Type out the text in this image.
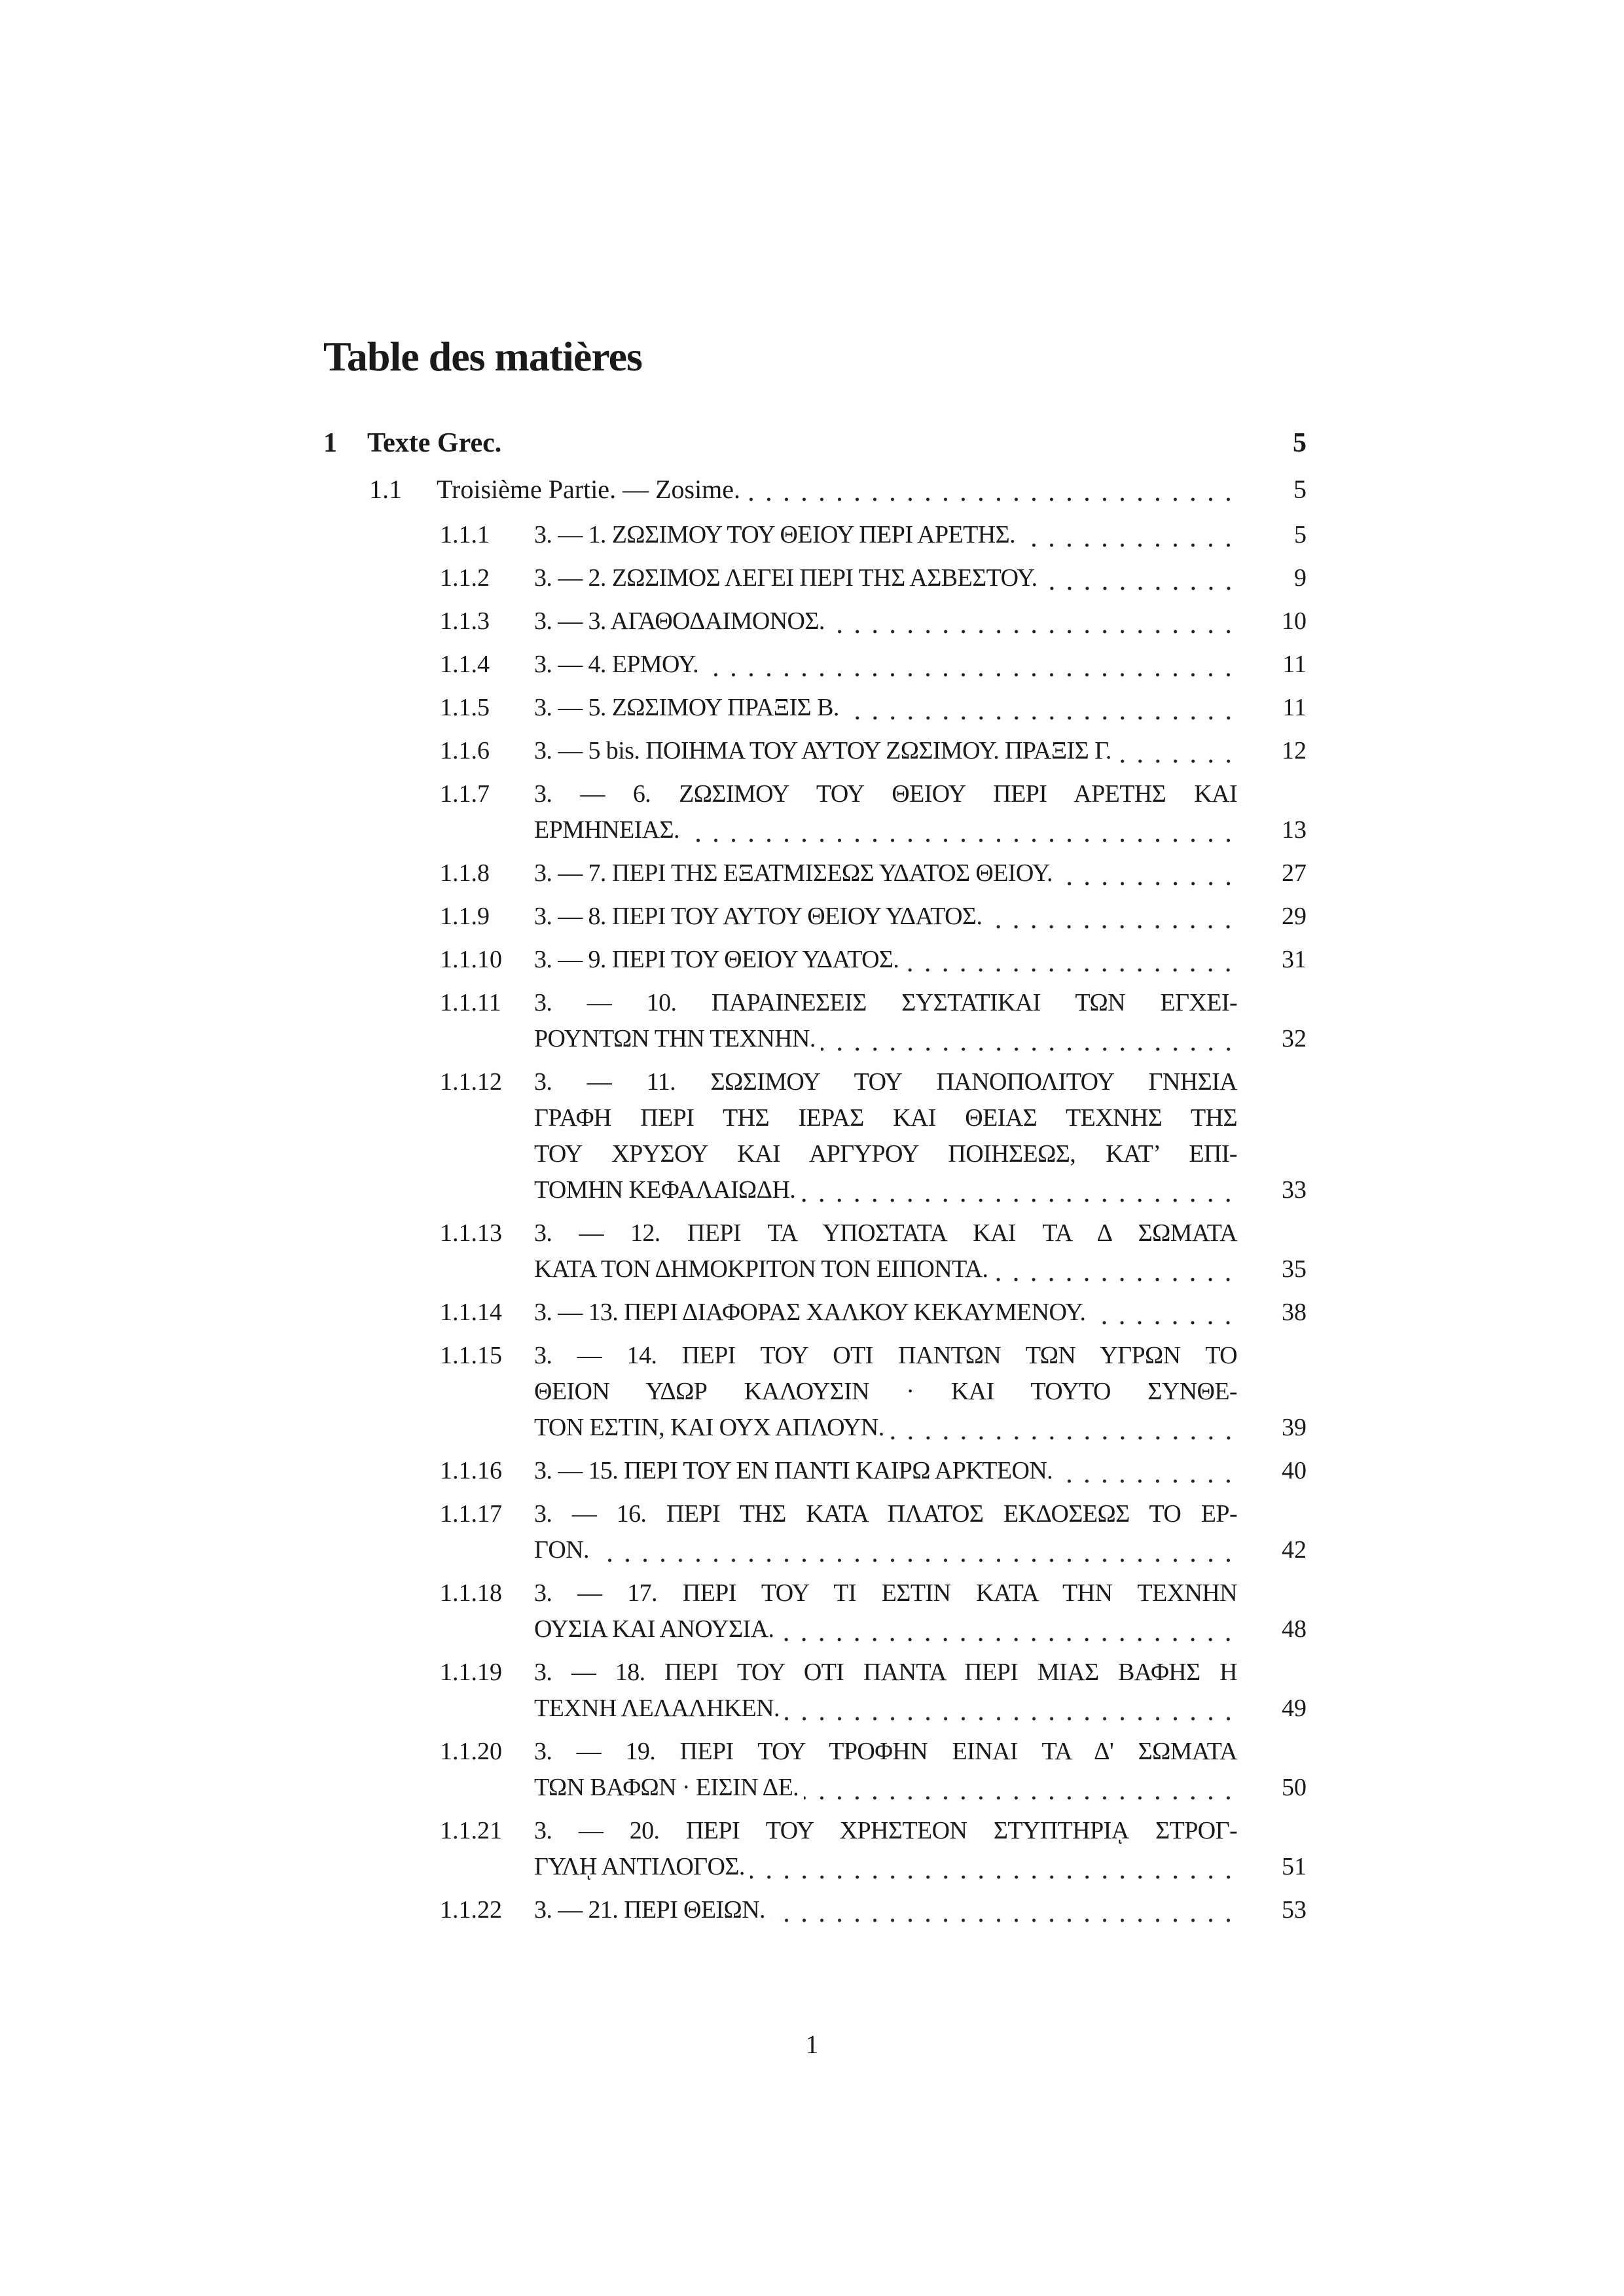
Table des matières
1	Texte Grec.	5
1.1	Troisième Partie. — Zosime.	5
1.1.1	3. — 1. ΖΩΣΙΜΟΥ ΤΟΥ ΘΕΙΟΥ ΠΕΡΙ ΑΡΕΤΗΣ.	5
1.1.2	3. — 2. ΖΩΣΙΜΟΣ ΛΕΓΕΙ ΠΕΡΙ ΤΗΣ ΑΣΒΕΣΤΟΥ.	9
1.1.3	3. — 3. ΑΓΑΘΟΔΑΙΜΟΝΟΣ.	10
1.1.4	3. — 4. ΕΡΜΟΥ.	11
1.1.5	3. — 5. ΖΩΣΙΜΟΥ ΠΡΑΞΙΣ Β.	11
1.1.6	3. — 5 bis. ΠΟΙΗΜΑ ΤΟΥ ΑΥΤΟΥ ΖΩΣΙΜΟΥ. ΠΡΑΞΙΣ Γ.	12
1.1.7	3. — 6. ΖΩΣΙΜΟΥ ΤΟΥ ΘΕΙΟΥ ΠΕΡΙ ΑΡΕΤΗΣ ΚΑΙ
ΕΡΜΗΝΕΙΑΣ.	13
1.1.8	3. — 7. ΠΕΡΙ ΤΗΣ ΕΞΑΤΜΙΣΕΩΣ ΥΔΑΤΟΣ ΘΕΙΟΥ.	27
1.1.9	3. — 8. ΠΕΡΙ ΤΟΥ ΑΥΤΟΥ ΘΕΙΟΥ ΥΔΑΤΟΣ.	29
1.1.10	3. — 9. ΠΕΡΙ ΤΟΥ ΘΕΙΟΥ ΥΔΑΤΟΣ.	31
1.1.11	3. — 10. ΠΑΡΑΙΝΕΣΕΙΣ ΣΥΣΤΑΤΙΚΑΙ ΤΩΝ ΕΓΧΕΙ-
ΡΟΥΝΤΩΝ ΤΗΝ ΤΕΧΝΗΝ.	32
1.1.12	3. — 11. ΣΩΣΙΜΟΥ ΤΟΥ ΠΑΝΟΠΟΛΙΤΟΥ ΓΝΗΣΙΑ
ΓΡΑΦΗ ΠΕΡΙ ΤΗΣ ΙΕΡΑΣ ΚΑΙ ΘΕΙΑΣ ΤΕΧΝΗΣ ΤΗΣ
ΤΟΥ ΧΡΥΣΟΥ ΚΑΙ ΑΡΓΥΡΟΥ ΠΟΙΗΣΕΩΣ, ΚΑΤ’ ΕΠΙ-
ΤΟΜΗΝ ΚΕΦΑΛΑΙΩΔΗ.	33
1.1.13	3. — 12. ΠΕΡΙ ΤΑ ΥΠΟΣΤΑΤΑ ΚΑΙ ΤΑ Δ ΣΩΜΑΤΑ
ΚΑΤΑ ΤΟΝ ΔΗΜΟΚΡΙΤΟΝ ΤΟΝ ΕΙΠΟΝΤΑ.	35
1.1.14	3. — 13. ΠΕΡΙ ΔΙΑΦΟΡΑΣ ΧΑΛΚΟΥ ΚΕΚΑΥΜΕΝΟΥ.	38
1.1.15	3. — 14. ΠΕΡΙ ΤΟΥ ΟΤΙ ΠΑΝΤΩΝ ΤΩΝ ΥΓΡΩΝ ΤΟ
ΘΕΙΟΝ ΥΔΩΡ ΚΑΛΟΥΣΙΝ · ΚΑΙ ΤΟΥΤΟ ΣΥΝΘΕ-
ΤΟΝ ΕΣΤΙΝ, ΚΑΙ ΟΥΧ ΑΠΛΟΥΝ.	39
1.1.16	3. — 15. ΠΕΡΙ ΤΟΥ ΕΝ ΠΑΝΤΙ ΚΑΙΡΩ ΑΡΚΤΕΟΝ.	40
1.1.17	3. — 16. ΠΕΡΙ ΤΗΣ ΚΑΤΑ ΠΛΑΤΟΣ ΕΚΔΟΣΕΩΣ ΤΟ ΕΡ-
ΓΟΝ.	42
1.1.18	3. — 17. ΠΕΡΙ ΤΟΥ ΤΙ ΕΣΤΙΝ ΚΑΤΑ ΤΗΝ ΤΕΧΝΗΝ
ΟΥΣΙΑ ΚΑΙ ΑΝΟΥΣΙΑ.	48
1.1.19	3. — 18. ΠΕΡΙ ΤΟΥ ΟΤΙ ΠΑΝΤΑ ΠΕΡΙ ΜΙΑΣ ΒΑΦΗΣ Η
ΤΕΧΝΗ ΛΕΛΑΛΗΚΕΝ.	49
1.1.20	3. — 19. ΠΕΡΙ ΤΟΥ ΤΡΟΦΗΝ ΕΙΝΑΙ ΤΑ Δ' ΣΩΜΑΤΑ
ΤΩΝ ΒΑΦΩΝ · ΕΙΣΙΝ ΔΕ.	50
1.1.21	3. — 20. ΠΕΡΙ ΤΟΥ ΧΡΗΣΤΕΟΝ ΣΤΥΠΤΗΡΙᾼ ΣΤΡΟΓ-
ΓΥΛῌ ΑΝΤΙΛΟΓΟΣ.	51
1.1.22	3. — 21. ΠΕΡΙ ΘΕΙΩΝ.	53
1
